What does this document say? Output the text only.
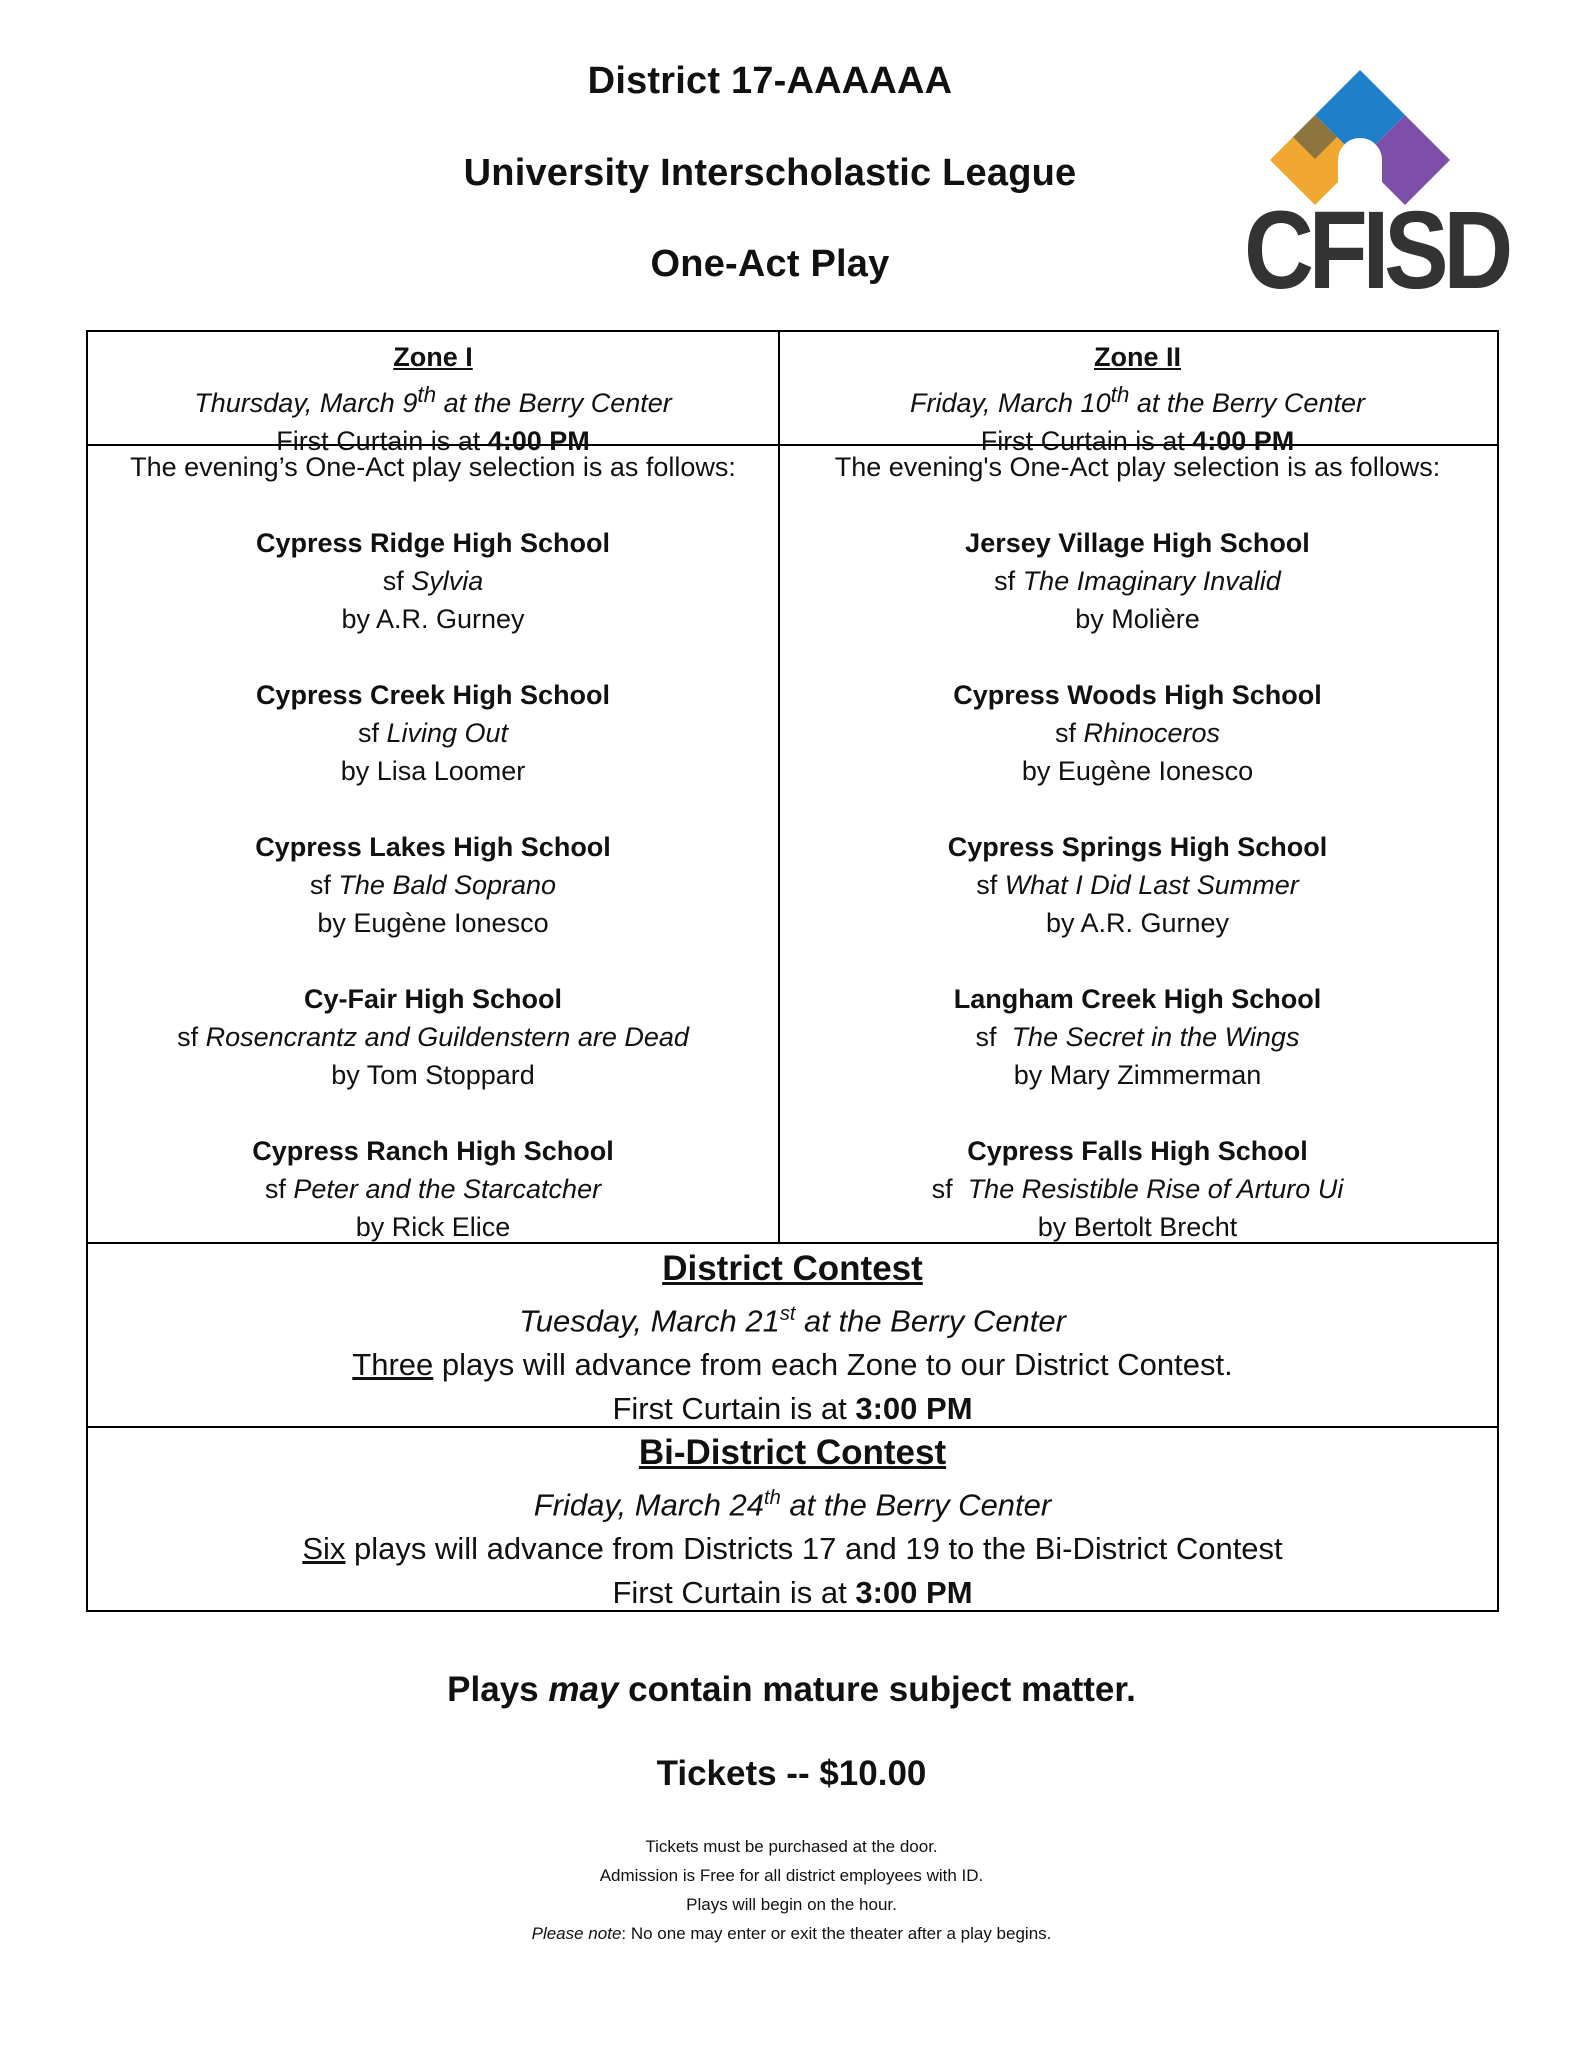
District 17-AAAAAA
University Interscholastic League
One-Act Play	CFISD
Zone I
Thursday, March 9th at the Berry Center
First Curtain is at 4:00 PM
The evening’s One-Act play selection is as follows:
Cypress Ridge High School
sf Sylvia
by A.R. Gurney
Cypress Creek High School
sf Living Out
by Lisa Loomer
Cypress Lakes High School
sf The Bald Soprano
by Eugène Ionesco
Cy-Fair High School
sf Rosencrantz and Guildenstern are Dead
by Tom Stoppard
Cypress Ranch High School
sf Peter and the Starcatcher
by Rick Elice
Zone II
Friday, March 10th at the Berry Center
First Curtain is at 4:00 PM
The evening's One-Act play selection is as follows:
Jersey Village High School
sf The Imaginary Invalid
by Molière
Cypress Woods High School
sf Rhinoceros
by Eugène Ionesco
Cypress Springs High School
sf What I Did Last Summer
by A.R. Gurney
Langham Creek High School
sf  The Secret in the Wings
by Mary Zimmerman
Cypress Falls High School
sf  The Resistible Rise of Arturo Ui
by Bertolt Brecht
District Contest
Tuesday, March 21st at the Berry Center
Three plays will advance from each Zone to our District Contest.
First Curtain is at 3:00 PM
Bi-District Contest
Friday, March 24th at the Berry Center
Six plays will advance from Districts 17 and 19 to the Bi-District Contest
First Curtain is at 3:00 PM
Plays may contain mature subject matter.
Tickets -- $10.00
Tickets must be purchased at the door.
Admission is Free for all district employees with ID.
Plays will begin on the hour.
Please note: No one may enter or exit the theater after a play begins.
